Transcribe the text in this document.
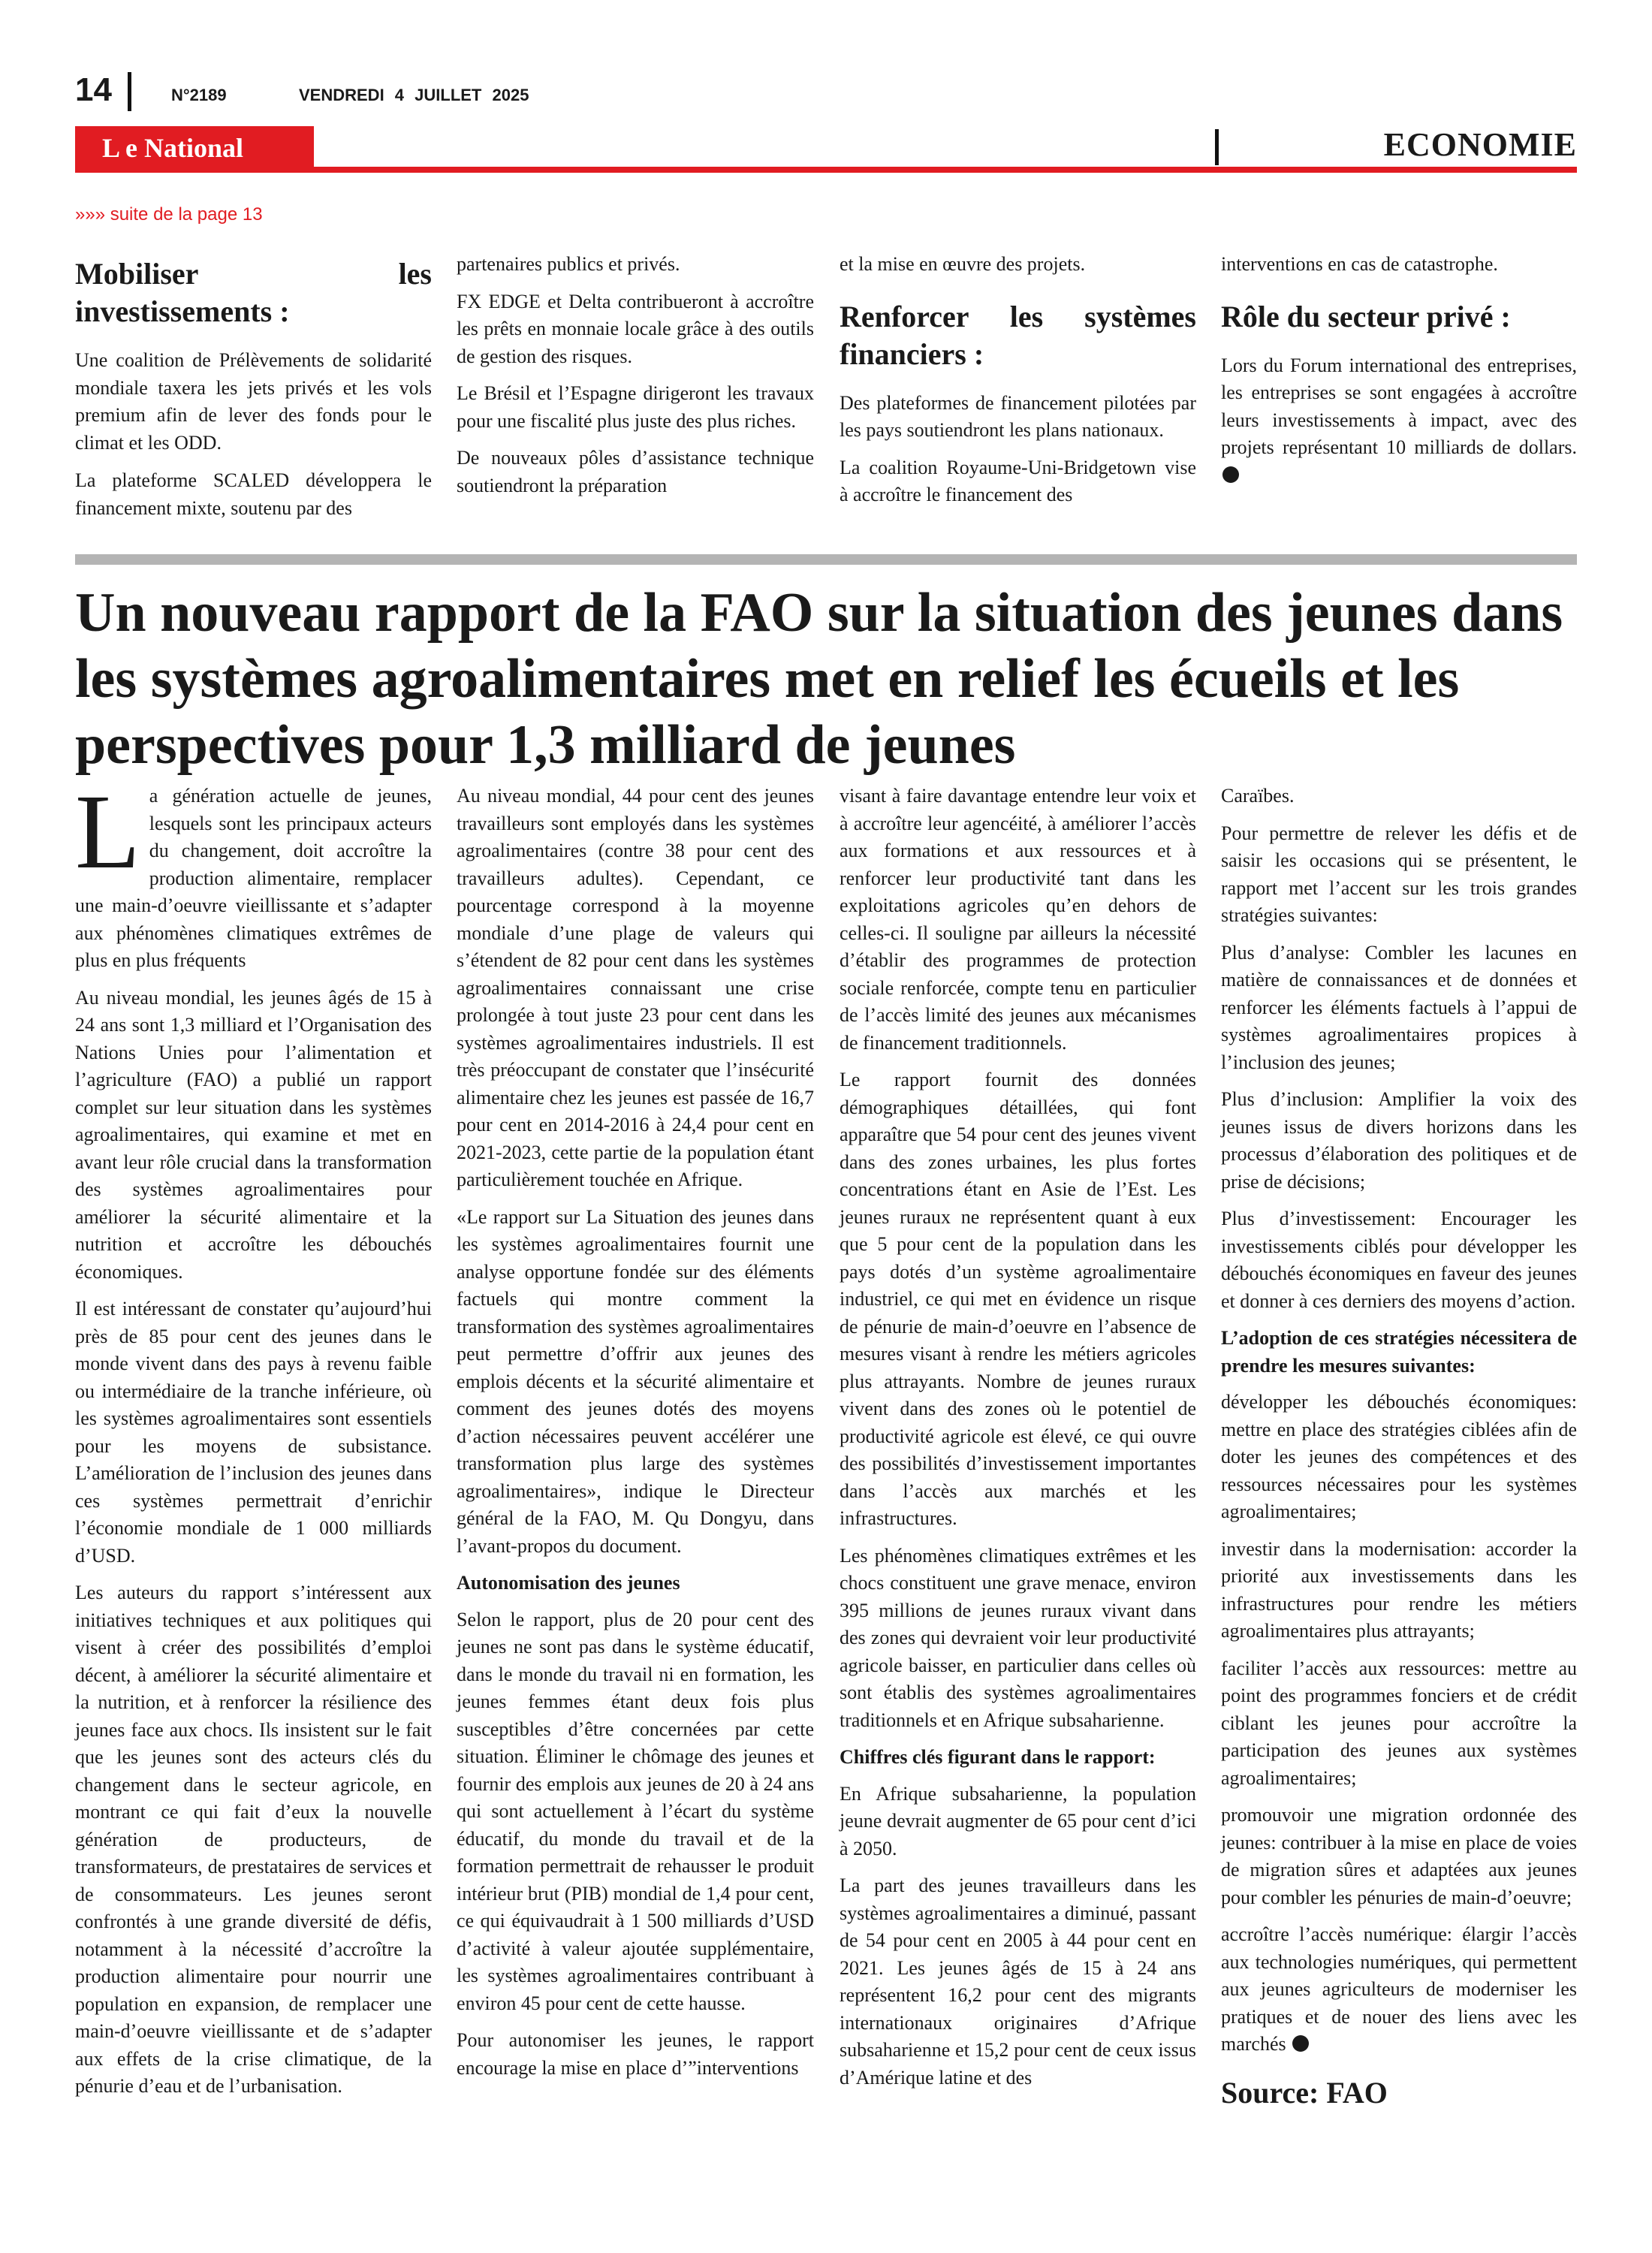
14	N°2189	VENDREDI 4 JUILLET 2025
L e National	ECONOMIE
»»» suite de la page 13
Mobiliser les investissements :

Une coalition de Prélèvements de solidarité mondiale taxera les jets privés et les vols premium afin de lever des fonds pour le climat et les ODD.

La plateforme SCALED développera le financement mixte, soutenu par des

partenaires publics et privés.

FX EDGE et Delta contribueront à accroître les prêts en monnaie locale grâce à des outils de gestion des risques.

Le Brésil et l’Espagne dirigeront les travaux pour une fiscalité plus juste des plus riches.

De nouveaux pôles d’assistance technique soutiendront la préparation

et la mise en œuvre des projets.

Renforcer les systèmes financiers :

Des plateformes de financement pilotées par les pays soutiendront les plans nationaux.

La coalition Royaume-Uni-Bridgetown vise à accroître le financement des

interventions en cas de catastrophe.

Rôle du secteur privé :

Lors du Forum international des entreprises, les entreprises se sont engagées à accroître leurs investissements à impact, avec des projets représentant 10 milliards de dollars.

Un nouveau rapport de la FAO sur la situation des jeunes dans les systèmes agroalimentaires met en relief les écueils et les perspectives pour 1,3 milliard de jeunes

La génération actuelle de jeunes, lesquels sont les principaux acteurs du changement, doit accroître la production alimentaire, remplacer une main-d’oeuvre vieillissante et s’adapter aux phénomènes climatiques extrêmes de plus en plus fréquents

Au niveau mondial, les jeunes âgés de 15 à 24 ans sont 1,3 milliard et l’Organisation des Nations Unies pour l’alimentation et l’agriculture (FAO) a publié un rapport complet sur leur situation dans les systèmes agroalimentaires, qui examine et met en avant leur rôle crucial dans la transformation des systèmes agroalimentaires pour améliorer la sécurité alimentaire et la nutrition et accroître les débouchés économiques.

Il est intéressant de constater qu’aujourd’hui près de 85 pour cent des jeunes dans le monde vivent dans des pays à revenu faible ou intermédiaire de la tranche inférieure, où les systèmes agroalimentaires sont essentiels pour les moyens de subsistance. L’amélioration de l’inclusion des jeunes dans ces systèmes permettrait d’enrichir l’économie mondiale de 1 000 milliards d’USD.

Les auteurs du rapport s’intéressent aux initiatives techniques et aux politiques qui visent à créer des possibilités d’emploi décent, à améliorer la sécurité alimentaire et la nutrition, et à renforcer la résilience des jeunes face aux chocs. Ils insistent sur le fait que les jeunes sont des acteurs clés du changement dans le secteur agricole, en montrant ce qui fait d’eux la nouvelle génération de producteurs, de transformateurs, de prestataires de services et de consommateurs. Les jeunes seront confrontés à une grande diversité de défis, notamment à la nécessité d’accroître la production alimentaire pour nourrir une population en expansion, de remplacer une main-d’oeuvre vieillissante et de s’adapter aux effets de la crise climatique, de la pénurie d’eau et de l’urbanisation.

Au niveau mondial, 44 pour cent des jeunes travailleurs sont employés dans les systèmes agroalimentaires (contre 38 pour cent des travailleurs adultes). Cependant, ce pourcentage correspond à la moyenne mondiale d’une plage de valeurs qui s’étendent de 82 pour cent dans les systèmes agroalimentaires connaissant une crise prolongée à tout juste 23 pour cent dans les systèmes agroalimentaires industriels. Il est très préoccupant de constater que l’insécurité alimentaire chez les jeunes est passée de 16,7 pour cent en 2014-2016 à 24,4 pour cent en 2021-2023, cette partie de la population étant particulièrement touchée en Afrique.

«Le rapport sur La Situation des jeunes dans les systèmes agroalimentaires fournit une analyse opportune fondée sur des éléments factuels qui montre comment la transformation des systèmes agroalimentaires peut permettre d’offrir aux jeunes des emplois décents et la sécurité alimentaire et comment des jeunes dotés des moyens d’action nécessaires peuvent accélérer une transformation plus large des systèmes agroalimentaires», indique le Directeur général de la FAO, M. Qu Dongyu, dans l’avant-propos du document.

Autonomisation des jeunes

Selon le rapport, plus de 20 pour cent des jeunes ne sont pas dans le système éducatif, dans le monde du travail ni en formation, les jeunes femmes étant deux fois plus susceptibles d’être concernées par cette situation. Éliminer le chômage des jeunes et fournir des emplois aux jeunes de 20 à 24 ans qui sont actuellement à l’écart du système éducatif, du monde du travail et de la formation permettrait de rehausser le produit intérieur brut (PIB) mondial de 1,4 pour cent, ce qui équivaudrait à 1 500 milliards d’USD d’activité à valeur ajoutée supplémentaire, les systèmes agroalimentaires contribuant à environ 45 pour cent de cette hausse.

Pour autonomiser les jeunes, le rapport encourage la mise en place d’”interventions

visant à faire davantage entendre leur voix et à accroître leur agencéité, à améliorer l’accès aux formations et aux ressources et à renforcer leur productivité tant dans les exploitations agricoles qu’en dehors de celles-ci. Il souligne par ailleurs la nécessité d’établir des programmes de protection sociale renforcée, compte tenu en particulier de l’accès limité des jeunes aux mécanismes de financement traditionnels.

Le rapport fournit des données démographiques détaillées, qui font apparaître que 54 pour cent des jeunes vivent dans des zones urbaines, les plus fortes concentrations étant en Asie de l’Est. Les jeunes ruraux ne représentent quant à eux que 5 pour cent de la population dans les pays dotés d’un système agroalimentaire industriel, ce qui met en évidence un risque de pénurie de main-d’oeuvre en l’absence de mesures visant à rendre les métiers agricoles plus attrayants. Nombre de jeunes ruraux vivent dans des zones où le potentiel de productivité agricole est élevé, ce qui ouvre des possibilités d’investissement importantes dans l’accès aux marchés et les infrastructures.

Les phénomènes climatiques extrêmes et les chocs constituent une grave menace, environ 395 millions de jeunes ruraux vivant dans des zones qui devraient voir leur productivité agricole baisser, en particulier dans celles où sont établis des systèmes agroalimentaires traditionnels et en Afrique subsaharienne.

Chiffres clés figurant dans le rapport:

En Afrique subsaharienne, la population jeune devrait augmenter de 65 pour cent d’ici à 2050.

La part des jeunes travailleurs dans les systèmes agroalimentaires a diminué, passant de 54 pour cent en 2005 à 44 pour cent en 2021. Les jeunes âgés de 15 à 24 ans représentent 16,2 pour cent des migrants internationaux originaires d’Afrique subsaharienne et 15,2 pour cent de ceux issus d’Amérique latine et des

Caraïbes.

Pour permettre de relever les défis et de saisir les occasions qui se présentent, le rapport met l’accent sur les trois grandes stratégies suivantes:

Plus d’analyse: Combler les lacunes en matière de connaissances et de données et renforcer les éléments factuels à l’appui de systèmes agroalimentaires propices à l’inclusion des jeunes;

Plus d’inclusion: Amplifier la voix des jeunes issus de divers horizons dans les processus d’élaboration des politiques et de prise de décisions;

Plus d’investissement: Encourager les investissements ciblés pour développer les débouchés économiques en faveur des jeunes et donner à ces derniers des moyens d’action.

L’adoption de ces stratégies nécessitera de prendre les mesures suivantes:

développer les débouchés économiques: mettre en place des stratégies ciblées afin de doter les jeunes des compétences et des ressources nécessaires pour les systèmes agroalimentaires;

investir dans la modernisation: accorder la priorité aux investissements dans les infrastructures pour rendre les métiers agroalimentaires plus attrayants;

faciliter l’accès aux ressources: mettre au point des programmes fonciers et de crédit ciblant les jeunes pour accroître la participation des jeunes aux systèmes agroalimentaires;

promouvoir une migration ordonnée des jeunes: contribuer à la mise en place de voies de migration sûres et adaptées aux jeunes pour combler les pénuries de main-d’oeuvre;

accroître l’accès numérique: élargir l’accès aux technologies numériques, qui permettent aux jeunes agriculteurs de moderniser les pratiques et de nouer des liens avec les marchés

Source: FAO
